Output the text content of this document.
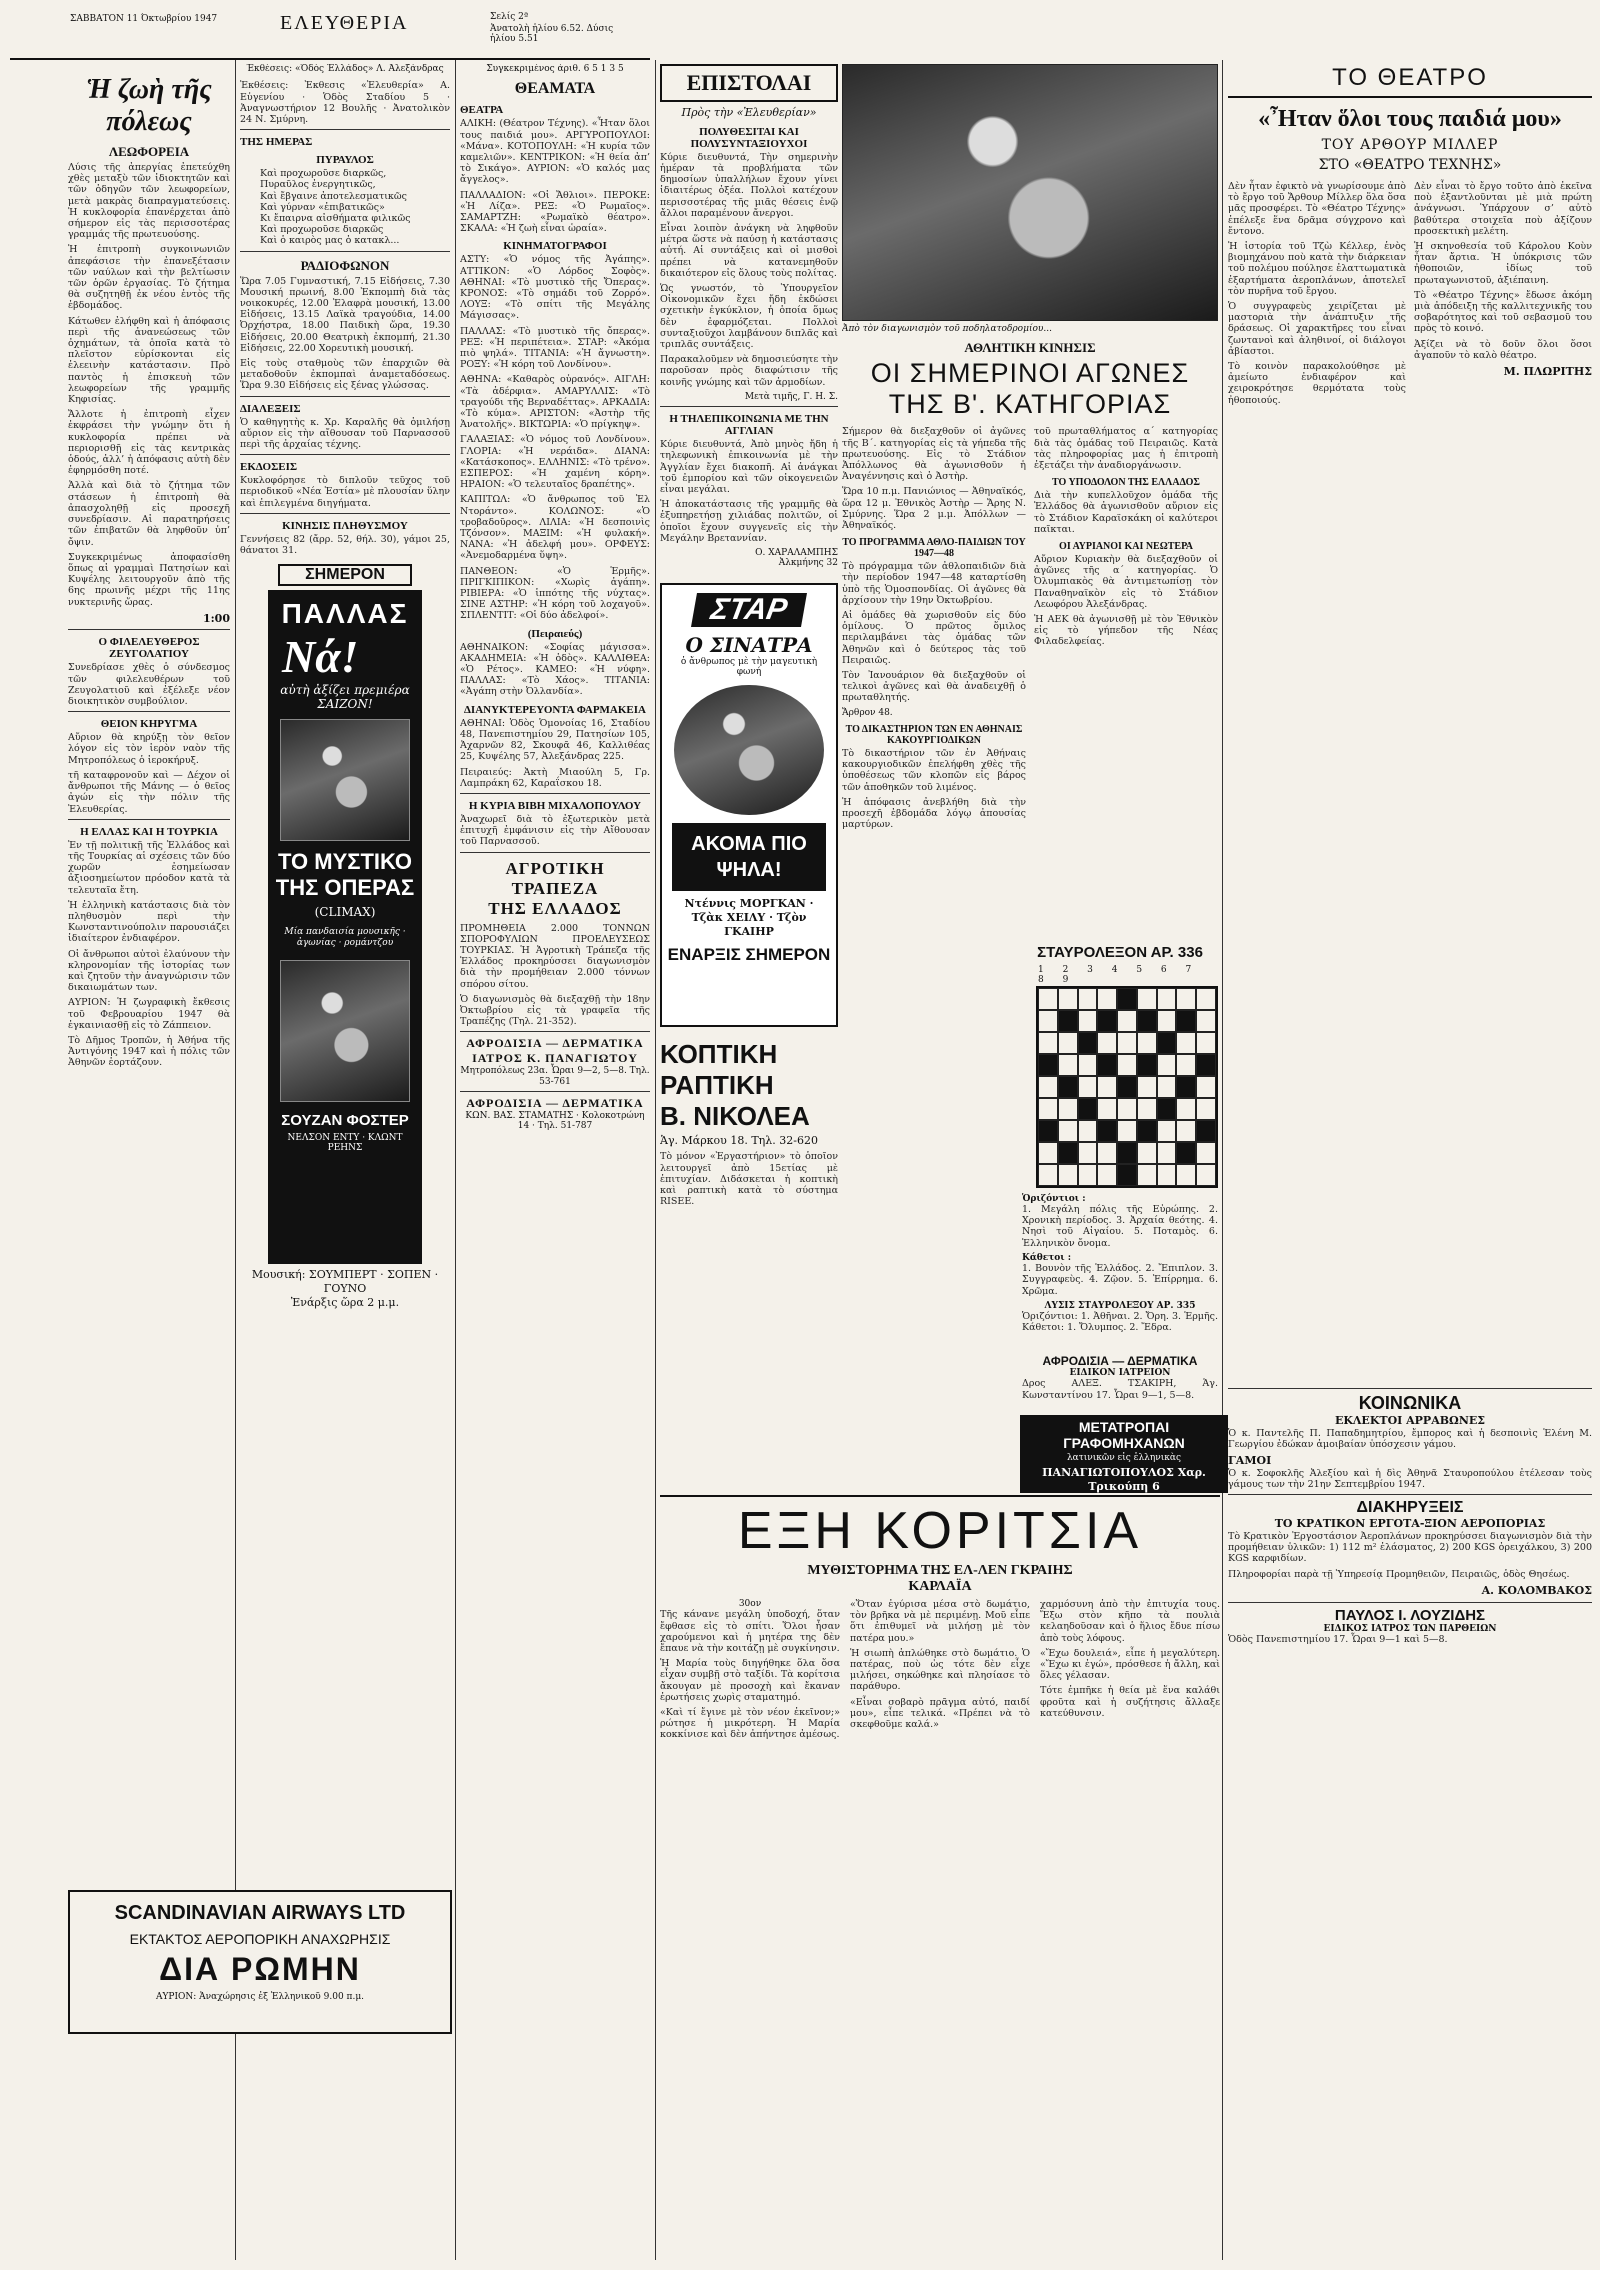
ΣΑΒΒΑΤΟΝ 11 Όκτωβρίου 1947	ΕΛΕΥΘΕΡΙΑ	Σελίς 2ª
Ἀνατολὴ ἡλίου 6.52. Δύσις ἡλίου 5.51
Ἡ ζωὴ τῆς πόλεως
ΛΕΩΦΟΡΕΙΑ

Λύσις τῆς ἀπεργίας ἐπετεύχθη χθὲς μεταξὺ τῶν ἰδιοκτητῶν καὶ τῶν ὁδηγῶν τῶν λεωφορείων, μετὰ μακρὰς διαπραγματεύσεις. Ἡ κυκλοφορία ἐπανέρχεται ἀπὸ σήμερον εἰς τὰς περισσοτέρας γραμμάς τῆς πρωτευούσης.

Ἡ ἐπιτροπὴ συγκοινωνιῶν ἀπεφάσισε τὴν ἐπανεξέτασιν τῶν ναύλων καὶ τὴν βελτίωσιν τῶν ὁρῶν ἐργασίας. Τὸ ζήτημα θὰ συζητηθῇ ἐκ νέου ἐντὸς τῆς ἑβδομάδος.

Κάτωθεν ἐλήφθη καὶ ἡ ἀπόφασις περὶ τῆς ἀνανεώσεως τῶν ὀχημάτων, τὰ ὁποῖα κατὰ τὸ πλεῖστον εὑρίσκονται εἰς ἐλεεινὴν κατάστασιν. Πρὸ παντὸς ἡ ἐπισκευὴ τῶν λεωφορείων τῆς γραμμῆς Κηφισίας.

Ἄλλοτε ἡ ἐπιτροπὴ εἶχεν ἐκφράσει τὴν γνώμην ὅτι ἡ κυκλοφορία πρέπει νὰ περιορισθῇ εἰς τὰς κεντρικὰς ὁδούς, ἀλλ’ ἡ ἀπόφασις αὐτὴ δὲν ἐφηρμόσθη ποτέ.

Ἀλλὰ καὶ διὰ τὸ ζήτημα τῶν στάσεων ἡ ἐπιτροπὴ θὰ ἀπασχοληθῇ εἰς προσεχῆ συνεδρίασιν. Αἱ παρατηρήσεις τῶν ἐπιβατῶν θὰ ληφθοῦν ὑπ’ ὄψιν.

Συγκεκριμένως ἀποφασίσθη ὅπως αἱ γραμμαὶ Πατησίων καὶ Κυψέλης λειτουργοῦν ἀπὸ τῆς 6ης πρωινῆς μέχρι τῆς 11ης νυκτερινῆς ὥρας.

1:00
Ο ΦΙΛΕΛΕΥΘΕΡΟΣ ΖΕΥΓΟΛΑΤΙΟΥ

Συνεδρίασε χθὲς ὁ σύνδεσμος τῶν φιλελευθέρων τοῦ Ζευγολατιοῦ καὶ ἐξέλεξε νέον διοικητικὸν συμβούλιον.

ΘΕΙΟΝ ΚΗΡΥΓΜΑ

Αὔριον θὰ κηρύξῃ τὸν θεῖον λόγον εἰς τὸν ἱερὸν ναὸν τῆς Μητροπόλεως ὁ ἱεροκήρυξ.

τῆ καταφρονοῦν καὶ — Δέχον οἱ ἄνθρωποι τῆς Μάνης — ὁ θεῖος ἀγών εἰς τὴν πόλιν τῆς Ἐλευθερίας.

Η ΕΛΛΑΣ ΚΑΙ Η ΤΟΥΡΚΙΑ

Ἐν τῇ πολιτικῇ τῆς Ἑλλάδος καὶ τῆς Τουρκίας αἱ σχέσεις τῶν δύο χωρῶν ἐσημείωσαν ἀξιοσημείωτον πρόοδον κατὰ τὰ τελευταῖα ἔτη.

Ἡ ἑλληνικὴ κατάστασις διὰ τὸν πληθυσμὸν περὶ τὴν Κωνσταντινούπολιν παρουσιάζει ἰδιαίτερον ἐνδιαφέρον.

Οἱ ἄνθρωποι αὐτοὶ ἐλαύνουν τὴν κληρονομίαν τῆς ἱστορίας των καὶ ζητοῦν τὴν ἀναγνώρισιν τῶν δικαιωμάτων των.

ΑΥΡΙΟΝ: Ἡ ζωγραφικὴ ἔκθεσις τοῦ Φεβρουαρίου 1947 θὰ ἐγκαινιασθῇ εἰς τὸ Ζάππειον.

Τὸ Δῆμος Τροπῶν, ἡ Ἀθήνα τῆς Ἀντιγόνης 1947 καὶ ἡ πόλις τῶν Ἀθηνῶν ἑορτάζουν.

Ἐκθέσεις: «Ὁδὸς Ἑλλάδος» Λ. Ἀλεξάνδρας

Ἐκθέσεις: Ἐκθεσις «Ἐλευθερία» Α. Εὐγενίου · Ὁδὸς Σταδίου 5 · Ἀναγνωστήριον 12 Βουλῆς · Ἀνατολικὸν 24 Ν. Σμύρνη.

ΤΗΣ ΗΜΕΡΑΣ
ΠΥΡΑΥΛΟΣ

Καὶ προχωροῦσε διαρκῶς,
Πυραῦλος ἐνεργητικῶς,
Καὶ ἔβγαινε ἀποτελεσματικῶς
Καὶ γύρναν «ἐπιβατικῶς»
Κι ἔπαιρνα αἰσθήματα φιλικῶς
Καὶ προχωροῦσε διαρκῶς
Καὶ ὁ καιρὸς μας ὁ κατακλ...

ΡΑΔΙΟΦΩΝΟΝ

Ὥρα 7.05 Γυμναστική, 7.15 Εἰδήσεις, 7.30 Μουσική πρωινή, 8.00 Ἐκπομπὴ διὰ τὰς νοικοκυρές, 12.00 Ἐλαφρὰ μουσική, 13.00 Εἰδήσεις, 13.15 Λαϊκὰ τραγούδια, 14.00 Ὀρχήστρα, 18.00 Παιδικὴ ὥρα, 19.30 Εἰδήσεις, 20.00 Θεατρικὴ ἐκπομπή, 21.30 Εἰδήσεις, 22.00 Χορευτικὴ μουσική.

Εἰς τοὺς σταθμοὺς τῶν ἐπαρχιῶν θὰ μεταδοθοῦν ἐκπομπαὶ ἀναμεταδόσεως. Ὥρα 9.30 Εἰδήσεις εἰς ξένας γλώσσας.

ΔΙΑΛΕΞΕΙΣ

Ὁ καθηγητὴς κ. Χρ. Καραλῆς θὰ ὁμιλήσῃ αὔριον εἰς τὴν αἴθουσαν τοῦ Παρνασσοῦ περὶ τῆς ἀρχαίας τέχνης.

ΕΚΔΟΣΕΙΣ

Κυκλοφόρησε τὸ διπλοῦν τεῦχος τοῦ περιοδικοῦ «Νέα Ἑστία» μὲ πλουσίαν ὕλην καὶ ἐπιλεγμένα διηγήματα.

ΚΙΝΗΣΙΣ ΠΛΗΘΥΣΜΟΥ

Γεννήσεις 82 (ἄρρ. 52, θήλ. 30), γάμοι 25, θάνατοι 31.

ΣΗΜΕΡΟΝ
ΠΑΛΛΑΣ
Νά!
αὐτὴ ἀξίζει πρεμιέρα ΣΑΙΖΟΝ!
ΤΟ ΜΥΣΤΙΚΟ
ΤΗΣ ΟΠΕΡΑΣ
(CLIMAX)
Μία πανδαισία μουσικῆς · ἀγωνίας · ρομάντζου
ΣΟΥΖΑΝ ΦΟΣΤΕΡ
ΝΕΛΣΟΝ ΕΝΤΥ · ΚΛΩΝΤ ΡΕΗΝΣ
Μουσική: ΣΟΥΜΠΕΡΤ · ΣΟΠΕΝ · ΓΟΥΝΟ
Ἐνάρξις ὥρα 2 μ.μ.
SCANDINAVIAN AIRWAYS LTD
ΕΚΤΑΚΤΟΣ ΑΕΡΟΠΟΡΙΚΗ ΑΝΑΧΩΡΗΣΙΣ
ΔΙΑ ΡΩΜΗΝ
ΑΥΡΙΟΝ: Ἀναχώρησις ἐξ Ἑλληνικοῦ 9.00 π.μ.
Συγκεκριμένος ἀριθ. 6 5 1 3 5
ΘΕΑΜΑΤΑ
ΘΕΑΤΡΑ

ΑΛΙΚΗ: (Θέατρον Τέχνης). «Ἦταν ὅλοι τους παιδιά μου». ΑΡΓΥΡΟΠΟΥΛΟΙ: «Μάνα». ΚΟΤΟΠΟΥΛΗ: «Ἡ κυρία τῶν καμελιῶν». ΚΕΝΤΡΙΚΟΝ: «Ἡ θεία ἀπ’ τὸ Σικάγο». ΑΥΡΙΟΝ: «Ὁ καλός μας ἄγγελος».

ΠΑΛΛΑΔΙΟΝ: «Οἱ Ἄθλιοι». ΠΕΡΟΚΕ: «Ἡ Λίζα». ΡΕΞ: «Ὁ Ρωμαῖος». ΣΑΜΑΡΤΖΗ: «Ρωμαϊκὸ θέατρο». ΣΚΑΛΑ: «Ἡ ζωὴ εἶναι ὡραία».

ΚΙΝΗΜΑΤΟΓΡΑΦΟΙ

ΑΣΤΥ: «Ὁ νόμος τῆς Ἀγάπης». ΑΤΤΙΚΟΝ: «Ὁ Λόρδος Σοφὸς». ΑΘΗΝΑΙ: «Τὸ μυστικὸ τῆς Ὄπερας». ΚΡΟΝΟΣ: «Τὸ σημάδι τοῦ Ζορρό». ΛΟΥΞ: «Τὸ σπίτι τῆς Μεγάλης Μάγισσας».

ΠΑΛΛΑΣ: «Τὸ μυστικὸ τῆς ὄπερας». ΡΕΞ: «Ἡ περιπέτεια». ΣΤΑΡ: «Ἀκόμα πιὸ ψηλά». ΤΙΤΑΝΙΑ: «Ἡ ἄγνωστη». ΡΟΞΥ: «Ἡ κόρη τοῦ Λονδίνου».

ΑΘΗΝΑ: «Καθαρὸς οὐρανός». ΑΙΓΛΗ: «Τὰ ἀδέρφια». ΑΜΑΡΥΛΛΙΣ: «Τὸ τραγούδι τῆς Βερναδέττας». ΑΡΚΑΔΙΑ: «Τὸ κύμα». ΑΡΙΣΤΟΝ: «Ἀστὴρ τῆς Ἀνατολῆς». ΒΙΚΤΩΡΙΑ: «Ὁ πρίγκηψ».

ΓΑΛΑΞΙΑΣ: «Ὁ νόμος τοῦ Λονδίνου». ΓΛΟΡΙΑ: «Ἡ νεράιδα». ΔΙΑΝΑ: «Κατάσκοπος». ΕΛΛΗΝΙΣ: «Τὸ τρένο». ΕΣΠΕΡΟΣ: «Ἡ χαμένη κόρη». ΗΡΑΙΟΝ: «Ὁ τελευταῖος δραπέτης».

ΚΑΠΙΤΩΛ: «Ὁ ἄνθρωπος τοῦ Ἐλ Ντοράντο». ΚΟΛΩΝΟΣ: «Ὁ τροβαδοῦρος». ΛΙΛΙΑ: «Ἡ δεσποινὶς Τζόνσον». ΜΑΞΙΜ: «Ἡ φυλακή». ΝΑΝΑ: «Ἡ ἀδελφή μου». ΟΡΦΕΥΣ: «Ἀνεμοδαρμένα ὕψη».

ΠΑΝΘΕΟΝ: «Ὁ Ἑρμῆς». ΠΡΙΓΚΙΠΙΚΟΝ: «Χωρὶς ἀγάπη». ΡΙΒΙΕΡΑ: «Ὁ ἱππότης τῆς νύχτας». ΣΙΝΕ ΑΣΤΗΡ: «Ἡ κόρη τοῦ λοχαγοῦ». ΣΠΛΕΝΤΙΤ: «Οἱ δύο ἀδελφοί».

(Πειραιεύς)

ΑΘΗΝΑΙΚΟΝ: «Σοφίας μάγισσα». ΑΚΑΔΗΜΕΙΑ: «Ἡ ὁδὸς». ΚΑΛΛΙΘΕΑ: «Ὁ Ρέτος». ΚΑΜΕΟ: «Ἡ νύφη». ΠΑΛΛΑΣ: «Τὸ Χάος». ΤΙΤΑΝΙΑ: «Ἀγάπη στὴν Ὀλλανδία».

ΔΙΑΝΥΚΤΕΡΕΥΟΝΤΑ ΦΑΡΜΑΚΕΙΑ

ΑΘΗΝΑΙ: Ὁδὸς Ὁμονοίας 16, Σταδίου 48, Πανεπιστημίου 29, Πατησίων 105, Ἀχαρνῶν 82, Σκουφᾶ 46, Καλλιθέας 25, Κυψέλης 57, Ἀλεξάνδρας 225.

Πειραιεύς: Ἀκτὴ Μιαούλη 5, Γρ. Λαμπράκη 62, Καραΐσκου 18.

Η ΚΥΡΙΑ ΒΙΒΗ ΜΙΧΑΛΟΠΟΥΛΟΥ

Ἀναχωρεῖ διὰ τὸ ἐξωτερικὸν μετὰ ἐπιτυχῆ ἐμφάνισιν εἰς τὴν Αἴθουσαν τοῦ Παρνασσοῦ.

ΑΓΡΟΤΙΚΗ ΤΡΑΠΕΖΑ
ΤΗΣ ΕΛΛΑΔΟΣ

ΠΡΟΜΗΘΕΙΑ 2.000 ΤΟΝΝΩΝ ΣΠΟΡΟΦΥΛΙΩΝ ΠΡΟΕΛΕΥΣΕΩΣ ΤΟΥΡΚΙΑΣ. Ἡ Ἀγροτικὴ Τράπεζα τῆς Ἑλλάδος προκηρύσσει διαγωνισμὸν διὰ τὴν προμήθειαν 2.000 τόννων σπόρου σίτου.

Ὁ διαγωνισμὸς θὰ διεξαχθῇ τὴν 18ην Ὀκτωβρίου εἰς τὰ γραφεῖα τῆς Τραπέζης (Τηλ. 21-352).

ΑΦΡΟΔΙΣΙΑ — ΔΕΡΜΑΤΙΚΑ
ΙΑΤΡΟΣ Κ. ΠΑΝΑΓΙΩΤΟΥ
Μητροπόλεως 23α. Ὧραι 9—2, 5—8. Τηλ. 53-761
ΑΦΡΟΔΙΣΙΑ — ΔΕΡΜΑΤΙΚΑ
ΚΩΝ. ΒΑΣ. ΣΤΑΜΑΤΗΣ · Κολοκοτρώνη 14 · Τηλ. 51-787
ΕΠΙΣΤΟΛΑΙ
Πρὸς τὴν «Ἐλευθερίαν»
ΠΟΛΥΘΕΣΙΤΑΙ ΚΑΙ ΠΟΛΥΣΥΝΤΑΞΙΟΥΧΟΙ

Κύριε διευθυντά, Τὴν σημερινὴν ἡμέραν τὰ προβλήματα τῶν δημοσίων ὑπαλλήλων ἔχουν γίνει ἰδιαιτέρως ὀξέα. Πολλοὶ κατέχουν περισσοτέρας τῆς μιᾶς θέσεις ἐνῷ ἄλλοι παραμένουν ἄνεργοι.

Εἶναι λοιπὸν ἀνάγκη νὰ ληφθοῦν μέτρα ὥστε νὰ παύσῃ ἡ κατάστασις αὐτή. Αἱ συντάξεις καὶ οἱ μισθοὶ πρέπει νὰ κατανεμηθοῦν δικαιότερον εἰς ὅλους τοὺς πολίτας.

Ὡς γνωστόν, τὸ Ὑπουργεῖον Οἰκονομικῶν ἔχει ἤδη ἐκδώσει σχετικὴν ἐγκύκλιον, ἡ ὁποία ὅμως δὲν ἐφαρμόζεται. Πολλοὶ συνταξιοῦχοι λαμβάνουν διπλᾶς καὶ τριπλᾶς συντάξεις.

Παρακαλοῦμεν νὰ δημοσιεύσητε τὴν παροῦσαν πρὸς διαφώτισιν τῆς κοινῆς γνώμης καὶ τῶν ἁρμοδίων.

Μετὰ τιμῆς, Γ. Η. Σ.
Η ΤΗΛΕΠΙΚΟΙΝΩΝΙΑ ΜΕ ΤΗΝ ΑΓΓΛΙΑΝ

Κύριε διευθυντά, Ἀπὸ μηνὸς ἤδη ἡ τηλεφωνικὴ ἐπικοινωνία μὲ τὴν Ἀγγλίαν ἔχει διακοπῆ. Αἱ ἀνάγκαι τοῦ ἐμπορίου καὶ τῶν οἰκογενειῶν εἶναι μεγάλαι.

Ἡ ἀποκατάστασις τῆς γραμμῆς θὰ ἐξυπηρετήσῃ χιλιάδας πολιτῶν, οἱ ὁποῖοι ἔχουν συγγενεῖς εἰς τὴν Μεγάλην Βρεταννίαν.

Ο. ΧΑΡΑΛΑΜΠΗΣ
Ἀλκμήνης 32
ΣΤΑΡ
Ο ΣΙΝΑΤΡΑ
ὁ ἄνθρωπος μὲ τὴν μαγευτικὴ φωνή
ΑΚΟΜΑ ΠΙΟ ΨΗΛΑ!
Ντέννις ΜΟΡΓΚΑΝ · Τζὰκ ΧΕΙΛΥ · Τζὸν ΓΚΑΙΗΡ
ΕΝΑΡΞΙΣ ΣΗΜΕΡΟΝ
ΚΟΠΤΙΚΗ
ΡΑΠΤΙΚΗ
Β. ΝΙΚΟΛΕΑ
Ἁγ. Μάρκου 18. Τηλ. 32-620

Τὸ μόνον «Ἐργαστήριον» τὸ ὁποῖον λειτουργεῖ ἀπὸ 15ετίας μὲ ἐπιτυχίαν. Διδάσκεται ἡ κοπτικὴ καὶ ραπτικὴ κατὰ τὸ σύστημα RISEE.

Ἀπὸ τὸν διαγωνισμὸν τοῦ ποδηλατοδρομίου...
ΑΘΛΗΤΙΚΗ ΚΙΝΗΣΙΣ
ΟΙ ΣΗΜΕΡΙΝΟΙ ΑΓΩΝΕΣ
ΤΗΣ Β'. ΚΑΤΗΓΟΡΙΑΣ

Σήμερον θὰ διεξαχθοῦν οἱ ἀγῶνες τῆς Β΄. κατηγορίας εἰς τὰ γήπεδα τῆς πρωτευούσης. Εἰς τὸ Στάδιον Ἀπόλλωνος θὰ ἀγωνισθοῦν ἡ Ἀναγέννησις καὶ ὁ Ἀστὴρ.

Ὥρα 10 π.μ. Πανιώνιος — Ἀθηναϊκός, ὥρα 12 μ. Ἐθνικὸς Ἀστὴρ — Ἄρης Ν. Σμύρνης. Ὥρα 2 μ.μ. Ἀπόλλων — Ἀθηναϊκός.

ΤΟ ΠΡΟΓΡΑΜΜΑ ΑΘΛΟ-ΠΑΙΔΙΩΝ ΤΟΥ 1947—48

Τὸ πρόγραμμα τῶν ἀθλοπαιδιῶν διὰ τὴν περίοδον 1947—48 καταρτίσθη ὑπὸ τῆς Ὁμοσπονδίας. Οἱ ἀγῶνες θὰ ἀρχίσουν τὴν 19ην Ὀκτωβρίου.

Αἱ ὁμάδες θὰ χωρισθοῦν εἰς δύο ὁμίλους. Ὁ πρῶτος ὅμιλος περιλαμβάνει τὰς ὁμάδας τῶν Ἀθηνῶν καὶ ὁ δεύτερος τὰς τοῦ Πειραιῶς.

Τὸν Ἰανουάριον θὰ διεξαχθοῦν οἱ τελικοὶ ἀγῶνες καὶ θὰ ἀναδειχθῇ ὁ πρωταθλητής.

Ἄρθρον 48.
ΤΟ ΔΙΚΑΣΤΗΡΙΟΝ ΤΩΝ ΕΝ ΑΘΗΝΑΙΣ ΚΑΚΟΥΡΓΙΟΔΙΚΩΝ

Τὸ δικαστήριον τῶν ἐν Ἀθήναις κακουργιοδικῶν ἐπελήφθη χθὲς τῆς ὑποθέσεως τῶν κλοπῶν εἰς βάρος τῶν ἀποθηκῶν τοῦ λιμένος.

Ἡ ἀπόφασις ἀνεβλήθη διὰ τὴν προσεχῆ ἑβδομάδα λόγῳ ἀπουσίας μαρτύρων.

τοῦ πρωταθλήματος α΄ κατηγορίας διὰ τὰς ὁμάδας τοῦ Πειραιῶς. Κατὰ τὰς πληροφορίας μας ἡ ἐπιτροπὴ ἐξετάζει τὴν ἀναδιοργάνωσιν.

ΤΟ ΥΠΟΔΟΛΟΝ ΤΗΣ ΕΛΛΑΔΟΣ

Διὰ τὴν κυπελλοῦχον ὁμάδα τῆς Ἑλλάδος θὰ ἀγωνισθοῦν αὔριον εἰς τὸ Στάδιον Καραϊσκάκη οἱ καλύτεροι παῖκται.

ΟΙ ΑΥΡΙΑΝΟΙ ΚΑΙ ΝΕΩΤΕΡΑ

Αὔριον Κυριακὴν θὰ διεξαχθοῦν οἱ ἀγῶνες τῆς α΄ κατηγορίας. Ὁ Ὀλυμπιακὸς θὰ ἀντιμετωπίσῃ τὸν Παναθηναϊκὸν εἰς τὸ Στάδιον Λεωφόρου Ἀλεξάνδρας.

Ἡ ΑΕΚ θὰ ἀγωνισθῇ μὲ τὸν Ἐθνικὸν εἰς τὸ γήπεδον τῆς Νέας Φιλαδελφείας.

ΣΤΑΥΡΟΛΕΞΟΝ ΑΡ. 336
1 2 3 4 5 6 7 8 9
Ὁριζόντιοι :

1. Μεγάλη πόλις τῆς Εὐρώπης. 2. Χρονικὴ περίοδος. 3. Ἀρχαία θεότης. 4. Νησὶ τοῦ Αἰγαίου. 5. Ποταμὸς. 6. Ἑλληνικὸν ὄνομα.

Κάθετοι :

1. Βουνὸν τῆς Ἑλλάδος. 2. Ἔπιπλον. 3. Συγγραφεὺς. 4. Ζῷον. 5. Ἐπίρρημα. 6. Χρῶμα.

ΛΥΣΙΣ ΣΤΑΥΡΟΛΕΞΟΥ ΑΡ. 335

Ὁριζόντιοι: 1. Ἀθῆναι. 2. Ὄρη. 3. Ἑρμῆς. Κάθετοι: 1. Ὄλυμπος. 2. Ἔδρα.

ΑΦΡΟΔΙΣΙΑ — ΔΕΡΜΑΤΙΚΑ
ΕΙΔΙΚΟΝ ΙΑΤΡΕΙΟΝ

Δρος ΑΛΕΞ. ΤΣΑΚΙΡΗ, Ἁγ. Κωνσταντίνου 17. Ὧραι 9—1, 5—8.

ΜΕΤΑΤΡΟΠΑΙ ΓΡΑΦΟΜΗΧΑΝΩΝ
λατινικῶν εἰς ἑλληνικὰς
ΠΑΝΑΓΙΩΤΟΠΟΥΛΟΣ Χαρ. Τρικούπη 6
ΕΞΗ ΚΟΡΙΤΣΙΑ
ΜΥΘΙΣΤΟΡΗΜΑ ΤΗΣ ΕΛ-ΛΕΝ ΓΚΡΑΙΗΣ ΚΑΡΛΑΪΑ
30ον

Τῆς κάνανε μεγάλη ὑποδοχή, ὅταν ἔφθασε εἰς τὸ σπίτι. Ὅλοι ἦσαν χαρούμενοι καὶ ἡ μητέρα της δὲν ἔπαυε νὰ τὴν κοιτάζῃ μὲ συγκίνησιν.

Ἡ Μαρία τοὺς διηγήθηκε ὅλα ὅσα εἶχαν συμβῇ στὸ ταξίδι. Τὰ κορίτσια ἄκουγαν μὲ προσοχὴ καὶ ἔκαναν ἐρωτήσεις χωρὶς σταματημό.

«Καὶ τί ἔγινε μὲ τὸν νέον ἐκεῖνον;» ρώτησε ἡ μικρότερη. Ἡ Μαρία κοκκίνισε καὶ δὲν ἀπήντησε ἀμέσως.

«Ὅταν ἐγύρισα μέσα στὸ δωμάτιο, τὸν βρῆκα νὰ μὲ περιμένῃ. Μοῦ εἶπε ὅτι ἐπιθυμεῖ νὰ μιλήσῃ μὲ τὸν πατέρα μου.»

Ἡ σιωπὴ ἁπλώθηκε στὸ δωμάτιο. Ὁ πατέρας, ποὺ ὡς τότε δὲν εἶχε μιλήσει, σηκώθηκε καὶ πλησίασε τὸ παράθυρο.

«Εἶναι σοβαρὸ πρᾶγμα αὐτό, παιδί μου», εἶπε τελικά. «Πρέπει νὰ τὸ σκεφθοῦμε καλά.»

χαρμόσυνη ἀπὸ τὴν ἐπιτυχία τους. Ἔξω στὸν κῆπο τὰ πουλιὰ κελαηδοῦσαν καὶ ὁ ἥλιος ἔδυε πίσω ἀπὸ τοὺς λόφους.

«Ἔχω δουλειά», εἶπε ἡ μεγαλύτερη. «Ἔχω κι ἐγώ», πρόσθεσε ἡ ἄλλη, καὶ ὅλες γέλασαν.

Τότε ἐμπῆκε ἡ θεία μὲ ἕνα καλάθι φροῦτα καὶ ἡ συζήτησις ἄλλαξε κατεύθυνσιν.

ΤΟ ΘΕΑΤΡΟ
«Ἦταν ὅλοι τους παιδιά μου»
ΤΟΥ ΑΡΘΟΥΡ ΜΙΛΛΕΡ
ΣΤΟ «ΘΕΑΤΡΟ ΤΕΧΝΗΣ»

Δὲν ἦταν ἐφικτὸ νὰ γνωρίσουμε ἀπὸ τὸ ἔργο τοῦ Ἄρθουρ Μίλλερ ὅλα ὅσα μᾶς προσφέρει. Τὸ «Θέατρο Τέχνης» ἐπέλεξε ἕνα δρᾶμα σύγχρονο καὶ ἔντονο.

Ἡ ἱστορία τοῦ Τζὼ Κέλλερ, ἑνὸς βιομηχάνου ποὺ κατὰ τὴν διάρκειαν τοῦ πολέμου πούλησε ἐλαττωματικὰ ἐξαρτήματα ἀεροπλάνων, ἀποτελεῖ τὸν πυρῆνα τοῦ ἔργου.

Ὁ συγγραφεὺς χειρίζεται μὲ μαστοριὰ τὴν ἀνάπτυξιν τῆς δράσεως. Οἱ χαρακτῆρες του εἶναι ζωντανοὶ καὶ ἀληθινοί, οἱ διάλογοι ἀβίαστοι.

Τὸ κοινὸν παρακολούθησε μὲ ἀμείωτο ἐνδιαφέρον καὶ χειροκρότησε θερμότατα τοὺς ἠθοποιούς.

Δὲν εἶναι τὸ ἔργο τοῦτο ἀπὸ ἐκεῖνα ποὺ ἐξαντλοῦνται μὲ μιὰ πρώτη ἀνάγνωσι. Ὑπάρχουν σ’ αὐτὸ βαθύτερα στοιχεῖα ποὺ ἀξίζουν προσεκτικὴ μελέτη.

Ἡ σκηνοθεσία τοῦ Κάρολου Κοὺν ἦταν ἄρτια. Ἡ ὑπόκρισις τῶν ἠθοποιῶν, ἰδίως τοῦ πρωταγωνιστοῦ, ἀξιέπαινη.

Τὸ «Θέατρο Τέχνης» ἔδωσε ἀκόμη μιὰ ἀπόδειξη τῆς καλλιτεχνικῆς του σοβαρότητος καὶ τοῦ σεβασμοῦ του πρὸς τὸ κοινό.

Ἀξίζει νὰ τὸ δοῦν ὅλοι ὅσοι ἀγαποῦν τὸ καλὸ θέατρο.

Μ. ΠΛΩΡΙΤΗΣ
ΚΟΙΝΩΝΙΚΑ
ΕΚΛΕΚΤΟΙ ΑΡΡΑΒΩΝΕΣ

Ὁ κ. Παντελῆς Π. Παπαδημητρίου, ἔμπορος καὶ ἡ δεσποινὶς Ἑλένη Μ. Γεωργίου ἐδώκαν ἀμοιβαίαν ὑπόσχεσιν γάμου.

ΓΑΜΟΙ

Ὁ κ. Σοφοκλῆς Ἀλεξίου καὶ ἡ δὶς Ἀθηνᾶ Σταυροπούλου ἐτέλεσαν τοὺς γάμους των τὴν 21ην Σεπτεμβρίου 1947.

ΔΙΑΚΗΡΥΞΕΙΣ
ΤΟ ΚΡΑΤΙΚΟΝ ΕΡΓΟΤΑ-ΞΙΟΝ ΑΕΡΟΠΟΡΙΑΣ

Τὸ Κρατικὸν Ἐργοστάσιον Ἀεροπλάνων προκηρύσσει διαγωνισμὸν διὰ τὴν προμήθειαν ὑλικῶν: 1) 112 m² ἐλάσματος, 2) 200 KGS ὀρειχάλκου, 3) 200 KGS καρφιδίων.

Πληροφορίαι παρὰ τῇ Ὑπηρεσίᾳ Προμηθειῶν, Πειραιῶς, ὁδὸς Θησέως.

Α. ΚΟΛΟΜΒΑΚΟΣ
ΠΑΥΛΟΣ Ι. ΛΟΥΖΙΔΗΣ
ΕΙΔΙΚΟΣ ΙΑΤΡΟΣ ΤΩΝ ΠΑΡΘΕΙΩΝ

Ὁδὸς Πανεπιστημίου 17. Ὧραι 9—1 καὶ 5—8.
